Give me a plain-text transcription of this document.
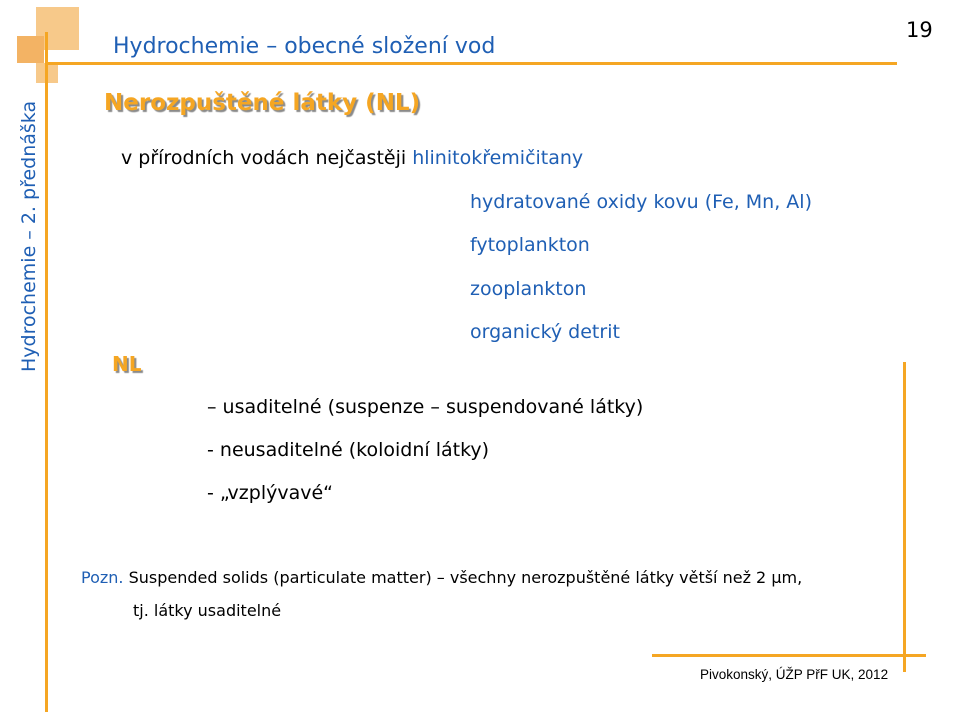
Hydrochemie – obecné složení vod
19
Hydrochemie – 2. přednáška	Nerozpuštěné látky (NL)
v přírodních vodách nejčastěji hlinitokřemičitany
hydratované oxidy kovu (Fe, Mn, Al)
fytoplankton
zooplankton
organický detrit
NL
– usaditelné (suspenze – suspendované látky)
- neusaditelné (koloidní látky)
- „vzplývavé“
Pozn. Suspended solids (particulate matter) – všechny nerozpuštěné látky větší než 2 μm,
tj. látky usaditelné
Pivokonský, ÚŽP PřF UK, 2012
